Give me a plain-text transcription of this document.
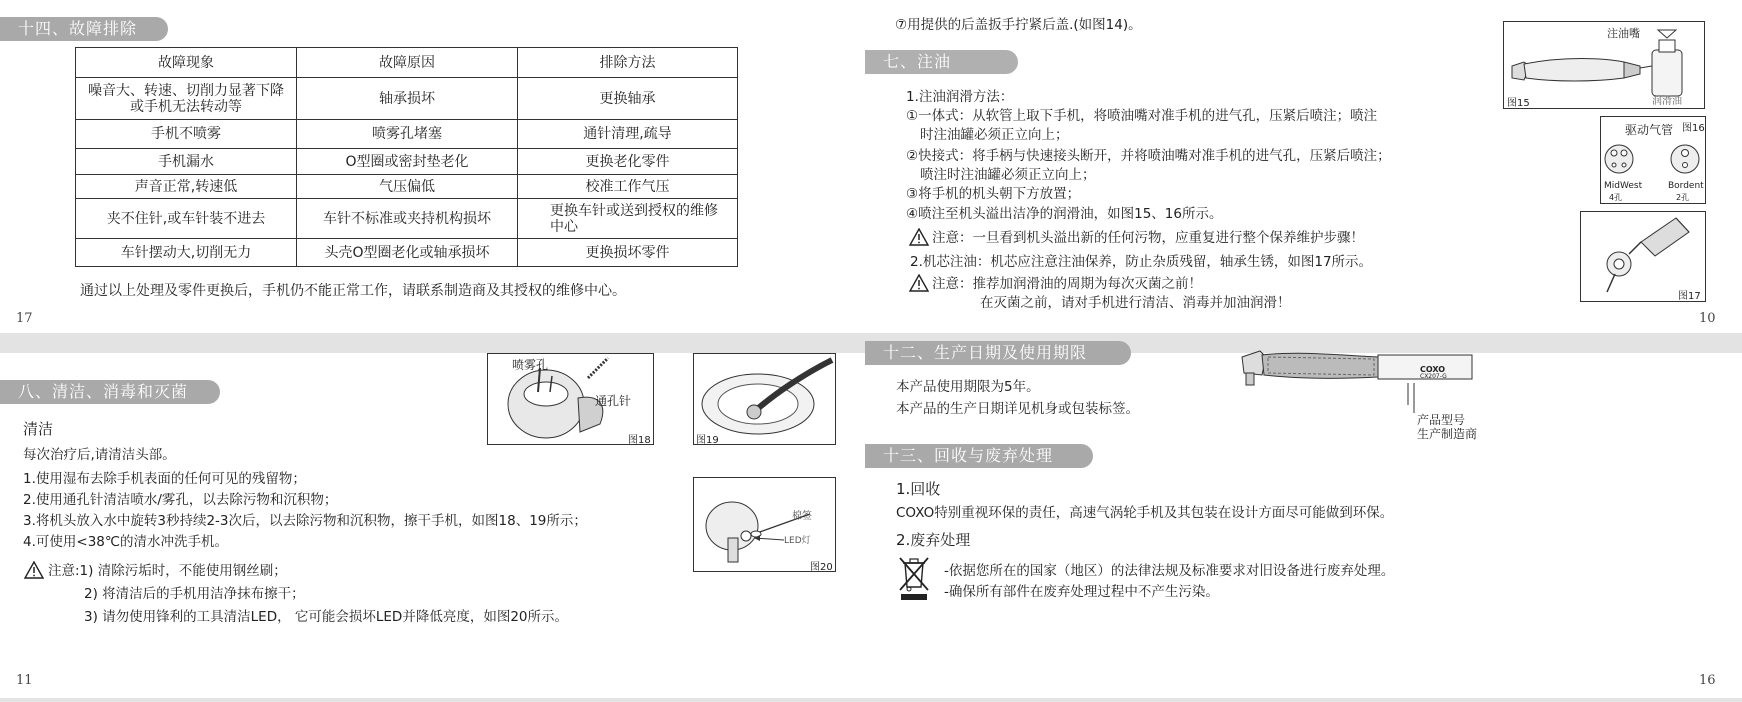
十四、故障排除
故障现象	故障原因	排除方法
噪音大、转速、切削力显著下降或手机无法转动等	轴承损坏	更换轴承
手机不喷雾	喷雾孔堵塞	通针清理,疏导
手机漏水	O型圈或密封垫老化	更换老化零件
声音正常,转速低	气压偏低	校准工作气压
夹不住针,或车针装不进去	车针不标准或夹持机构损坏	更换车针或送到授权的维修中心
车针摆动大,切削无力	头壳O型圈老化或轴承损坏	更换损坏零件
通过以上处理及零件更换后，手机仍不能正常工作，请联系制造商及其授权的维修中心。
17
⑦用提供的后盖扳手拧紧后盖.(如图14)。
七、注油
1.注油润滑方法：
①一体式：从软管上取下手机，将喷油嘴对准手机的进气孔，压紧后喷注；喷注
时注油罐必须正立向上；
②快接式：将手柄与快速接头断开，并将喷油嘴对准手机的进气孔，压紧后喷注；
喷注时注油罐必须正立向上；
③将手机的机头朝下方放置；
④喷注至机头溢出洁净的润滑油，如图15、16所示。
注意：一旦看到机头溢出新的任何污物，应重复进行整个保养维护步骤！
2.机芯注油：机芯应注意注油保养，防止杂质残留，轴承生锈，如图17所示。
注意：推荐加润滑油的周期为每次灭菌之前！
在灭菌之前，请对手机进行清洁、消毒并加油润滑！
注油嘴
润滑油
图15
驱动气管 图16
MidWest
4孔
Bordent
2孔
图17
10
八、清洁、消毒和灭菌
清洁
每次治疗后,请清洁头部。
1.使用湿布去除手机表面的任何可见的残留物；
2.使用通孔针清洁喷水/雾孔，以去除污物和沉积物；
3.将机头放入水中旋转3秒持续2-3次后，以去除污物和沉积物，擦干手机，如图18、19所示；
4.可使用<38℃的清水冲洗手机。
注意:1) 清除污垢时，不能使用钢丝刷；
2) 将清洁后的手机用洁净抹布擦干；
3) 请勿使用锋利的工具清洁LED， 它可能会损坏LED并降低亮度，如图20所示。
喷雾孔
通孔针
图18	图19
棉签
LED灯
图20
11
十二、生产日期及使用期限
本产品使用期限为5年。
本产品的生产日期详见机身或包装标签。
COXO
CX207-G
产品型号
生产制造商
十三、回收与废弃处理
1.回收
COXO特别重视环保的责任，高速气涡轮手机及其包装在设计方面尽可能做到环保。
2.废弃处理
-依据您所在的国家（地区）的法律法规及标准要求对旧设备进行废弃处理。
-确保所有部件在废弃处理过程中不产生污染。
16
